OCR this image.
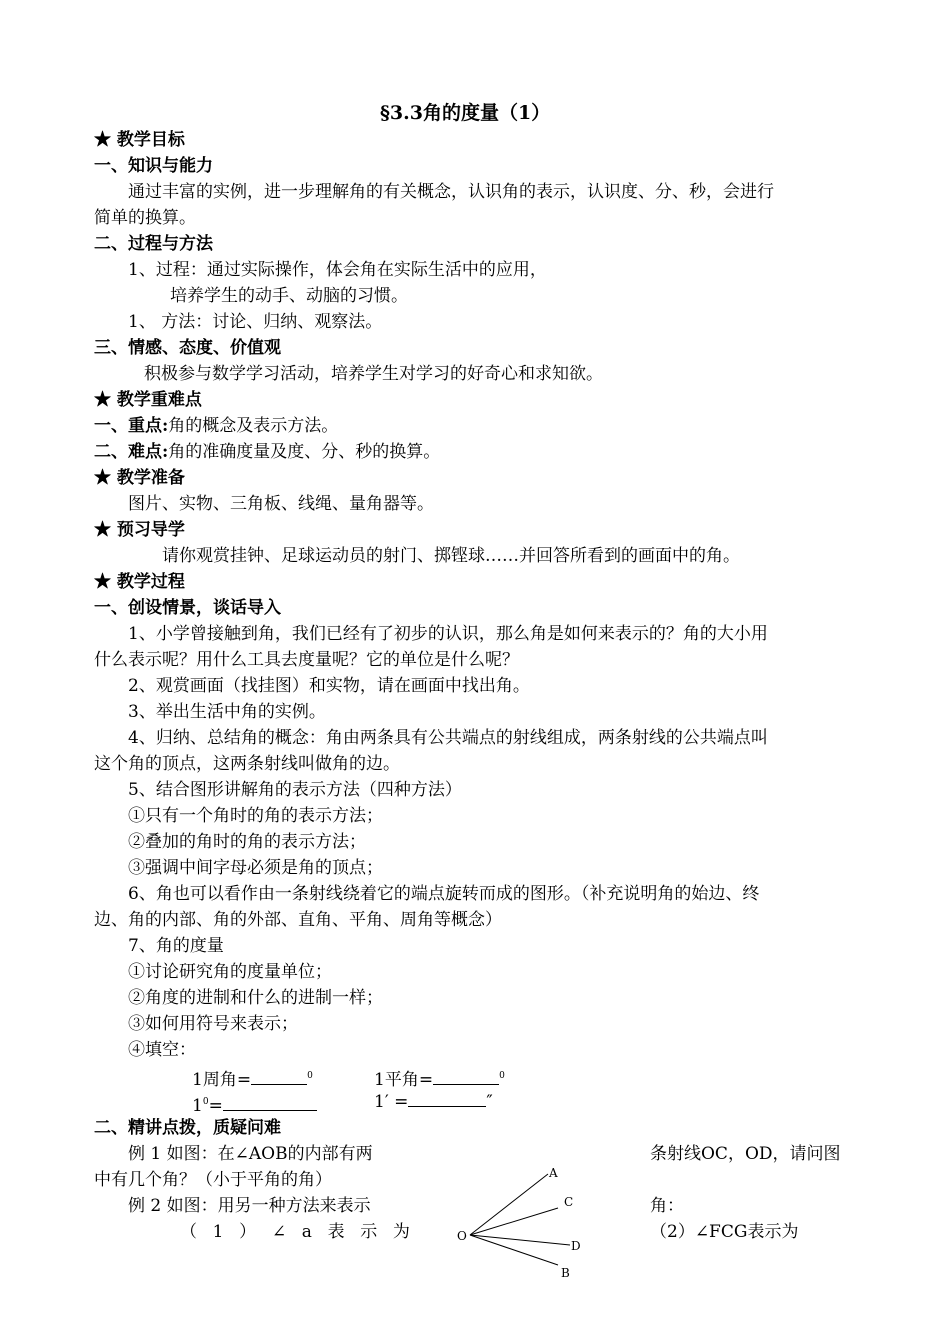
§3.3角的度量（1）
★ 教学目标
一、知识与能力
通过丰富的实例，进一步理解角的有关概念，认识角的表示，认识度、分、秒，会进行
简单的换算。
二、过程与方法
1、过程：通过实际操作，体会角在实际生活中的应用，
培养学生的动手、动脑的习惯。
1、 方法：讨论、归纳、观察法。
三、情感、态度、价值观
积极参与数学学习活动，培养学生对学习的好奇心和求知欲。
★ 教学重难点
一、重点:角的概念及表示方法。
二、难点:角的准确度量及度、分、秒的换算。
★ 教学准备
图片、实物、三角板、线绳、量角器等。
★ 预习导学
请你观赏挂钟、足球运动员的射门、掷铿球……并回答所看到的画面中的角。
★ 教学过程
一、创设情景，谈话导入
1、小学曾接触到角，我们已经有了初步的认识，那么角是如何来表示的？角的大小用
什么表示呢？用什么工具去度量呢？它的单位是什么呢？
2、观赏画面（找挂图）和实物，请在画面中找出角。
3、举出生活中角的实例。
4、归纳、总结角的概念：角由两条具有公共端点的射线组成，两条射线的公共端点叫
这个角的顶点，这两条射线叫做角的边。
5、结合图形讲解角的表示方法（四种方法）
①只有一个角时的角的表示方法；
②叠加的角时的角的表示方法；
③强调中间字母必须是角的顶点；
6、角也可以看作由一条射线绕着它的端点旋转而成的图形。（补充说明角的始边、终
边、角的内部、角的外部、直角、平角、周角等概念）
7、角的度量
①讨论研究角的度量单位；
②角度的进制和什么的进制一样；
③如何用符号来表示；
④填空：
1周角=	$^0$	1平角=	$^0$
$1^0=$	1′ =	″
二、精讲点拨，质疑问难
例 1 如图：在∠AOB的内部有两	条射线OC，OD，请问图
中有几个角？（小于平角的角）
例 2 如图：用另一种方法来表示	角：
（ 1 ） ∠ a 表 示 为	（2）∠FCG表示为
A
C
O
D
B
